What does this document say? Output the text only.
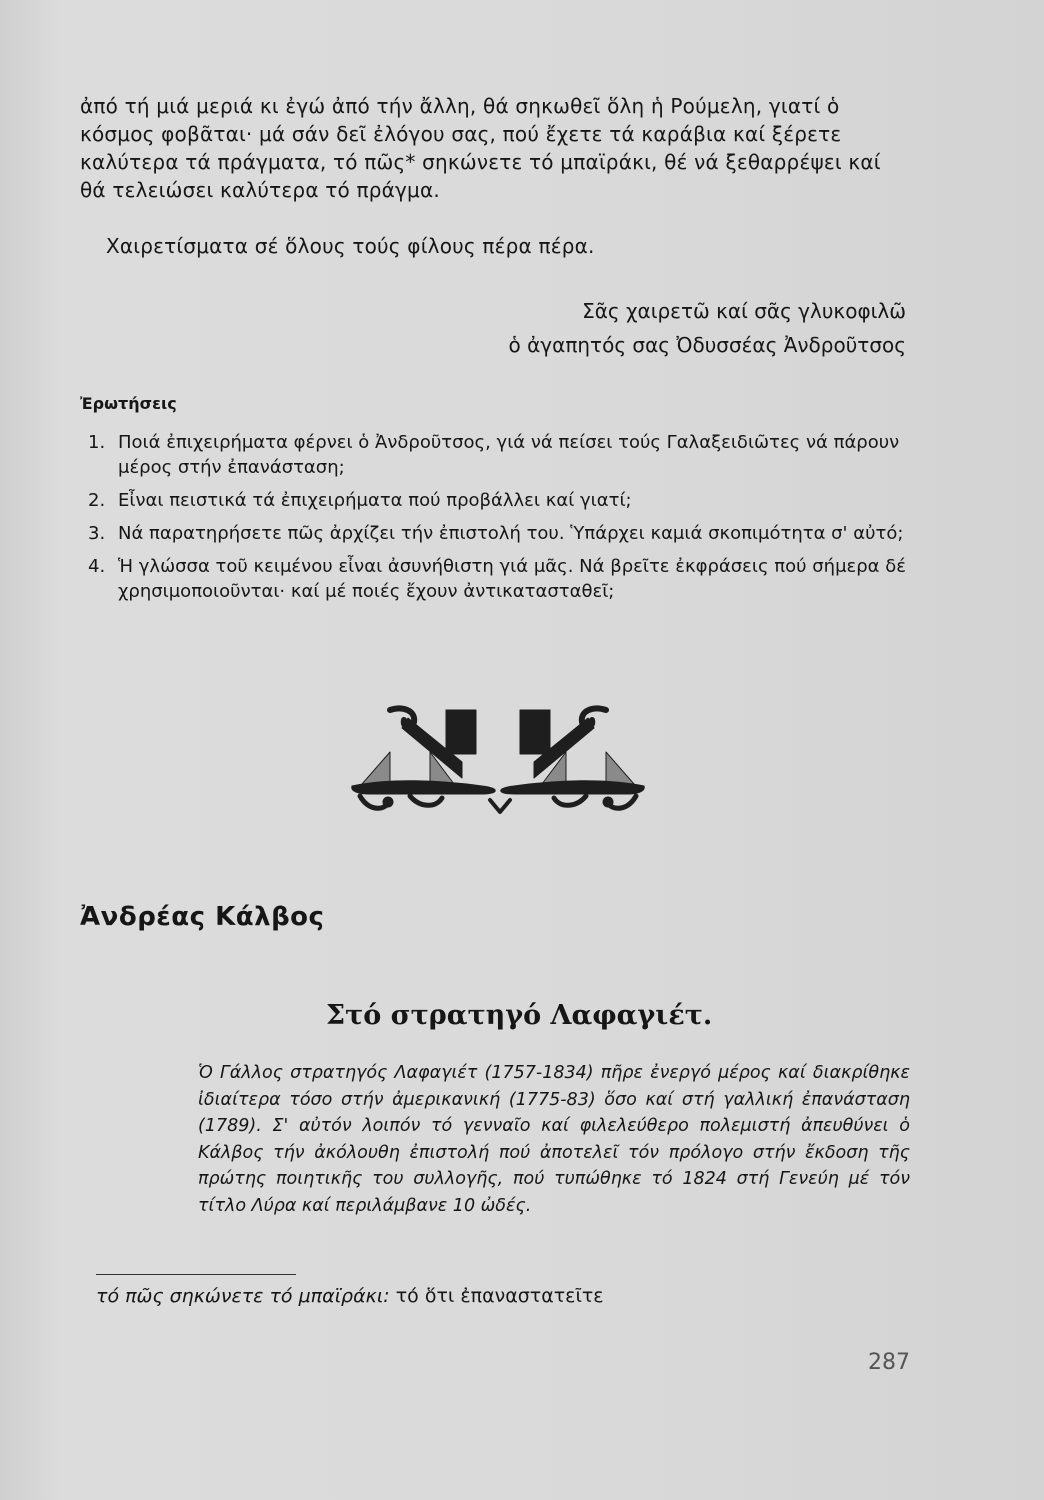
ἀπό τή μιά μεριά κι ἐγώ ἀπό τήν ἄλλη, θά σηκωθεῖ ὅλη ἡ Ρούμελη, γιατί ὁ κόσμος φοβᾶται· μά σάν δεῖ ἐλόγου σας, πού ἔχετε τά καράβια καί ξέρετε καλύτερα τά πράγματα, τό πῶς* σηκώνετε τό μπαϊράκι, θέ νά ξεθαρρέψει καί θά τελειώσει καλύτερα τό πράγμα.

Χαιρετίσματα σέ ὅλους τούς φίλους πέρα πέρα.

Σᾶς χαιρετῶ καί σᾶς γλυκοφιλῶ
ὁ ἀγαπητός σας Ὀδυσσέας Ἀνδροῦτσος
Ἐρωτήσεις
1. Ποιά ἐπιχειρήματα φέρνει ὁ Ἀνδροῦτσος, γιά νά πείσει τούς Γαλαξειδιῶτες νά πάρουν μέρος στήν ἐπανάσταση;
2. Εἶναι πειστικά τά ἐπιχειρήματα πού προβάλλει καί γιατί;
3. Νά παρατηρήσετε πῶς ἀρχίζει τήν ἐπιστολή του. Ὑπάρχει καμιά σκοπιμότητα σ' αὐτό;
4. Ἡ γλώσσα τοῦ κειμένου εἶναι ἀσυνήθιστη γιά μᾶς. Νά βρεῖτε ἐκφράσεις πού σήμερα δέ χρησιμοποιοῦνται· καί μέ ποιές ἔχουν ἀντικατασταθεῖ;
Ἀνδρέας Κάλβος
Στό στρατηγό Λαφαγιέτ.

Ὁ Γάλλος στρατηγός Λαφαγιέτ (1757-1834) πῆρε ἐνεργό μέρος καί διακρίθηκε ἰδιαίτερα τόσο στήν ἀμερικανική (1775-83) ὅσο καί στή γαλλική ἐπανάσταση (1789). Σ' αὐτόν λοιπόν τό γενναῖο καί φιλελεύθερο πολεμιστή ἀπευθύνει ὁ Κάλβος τήν ἀκόλουθη ἐπιστολή πού ἀποτελεῖ τόν πρόλογο στήν ἔκδοση τῆς πρώτης ποιητικῆς του συλλογῆς, πού τυπώθηκε τό 1824 στή Γενεύη μέ τόν τίτλο Λύρα καί περιλάμβανε 10 ὠδές.

τό πῶς σηκώνετε τό μπαϊράκι: τό ὅτι ἐπαναστατεῖτε
287
